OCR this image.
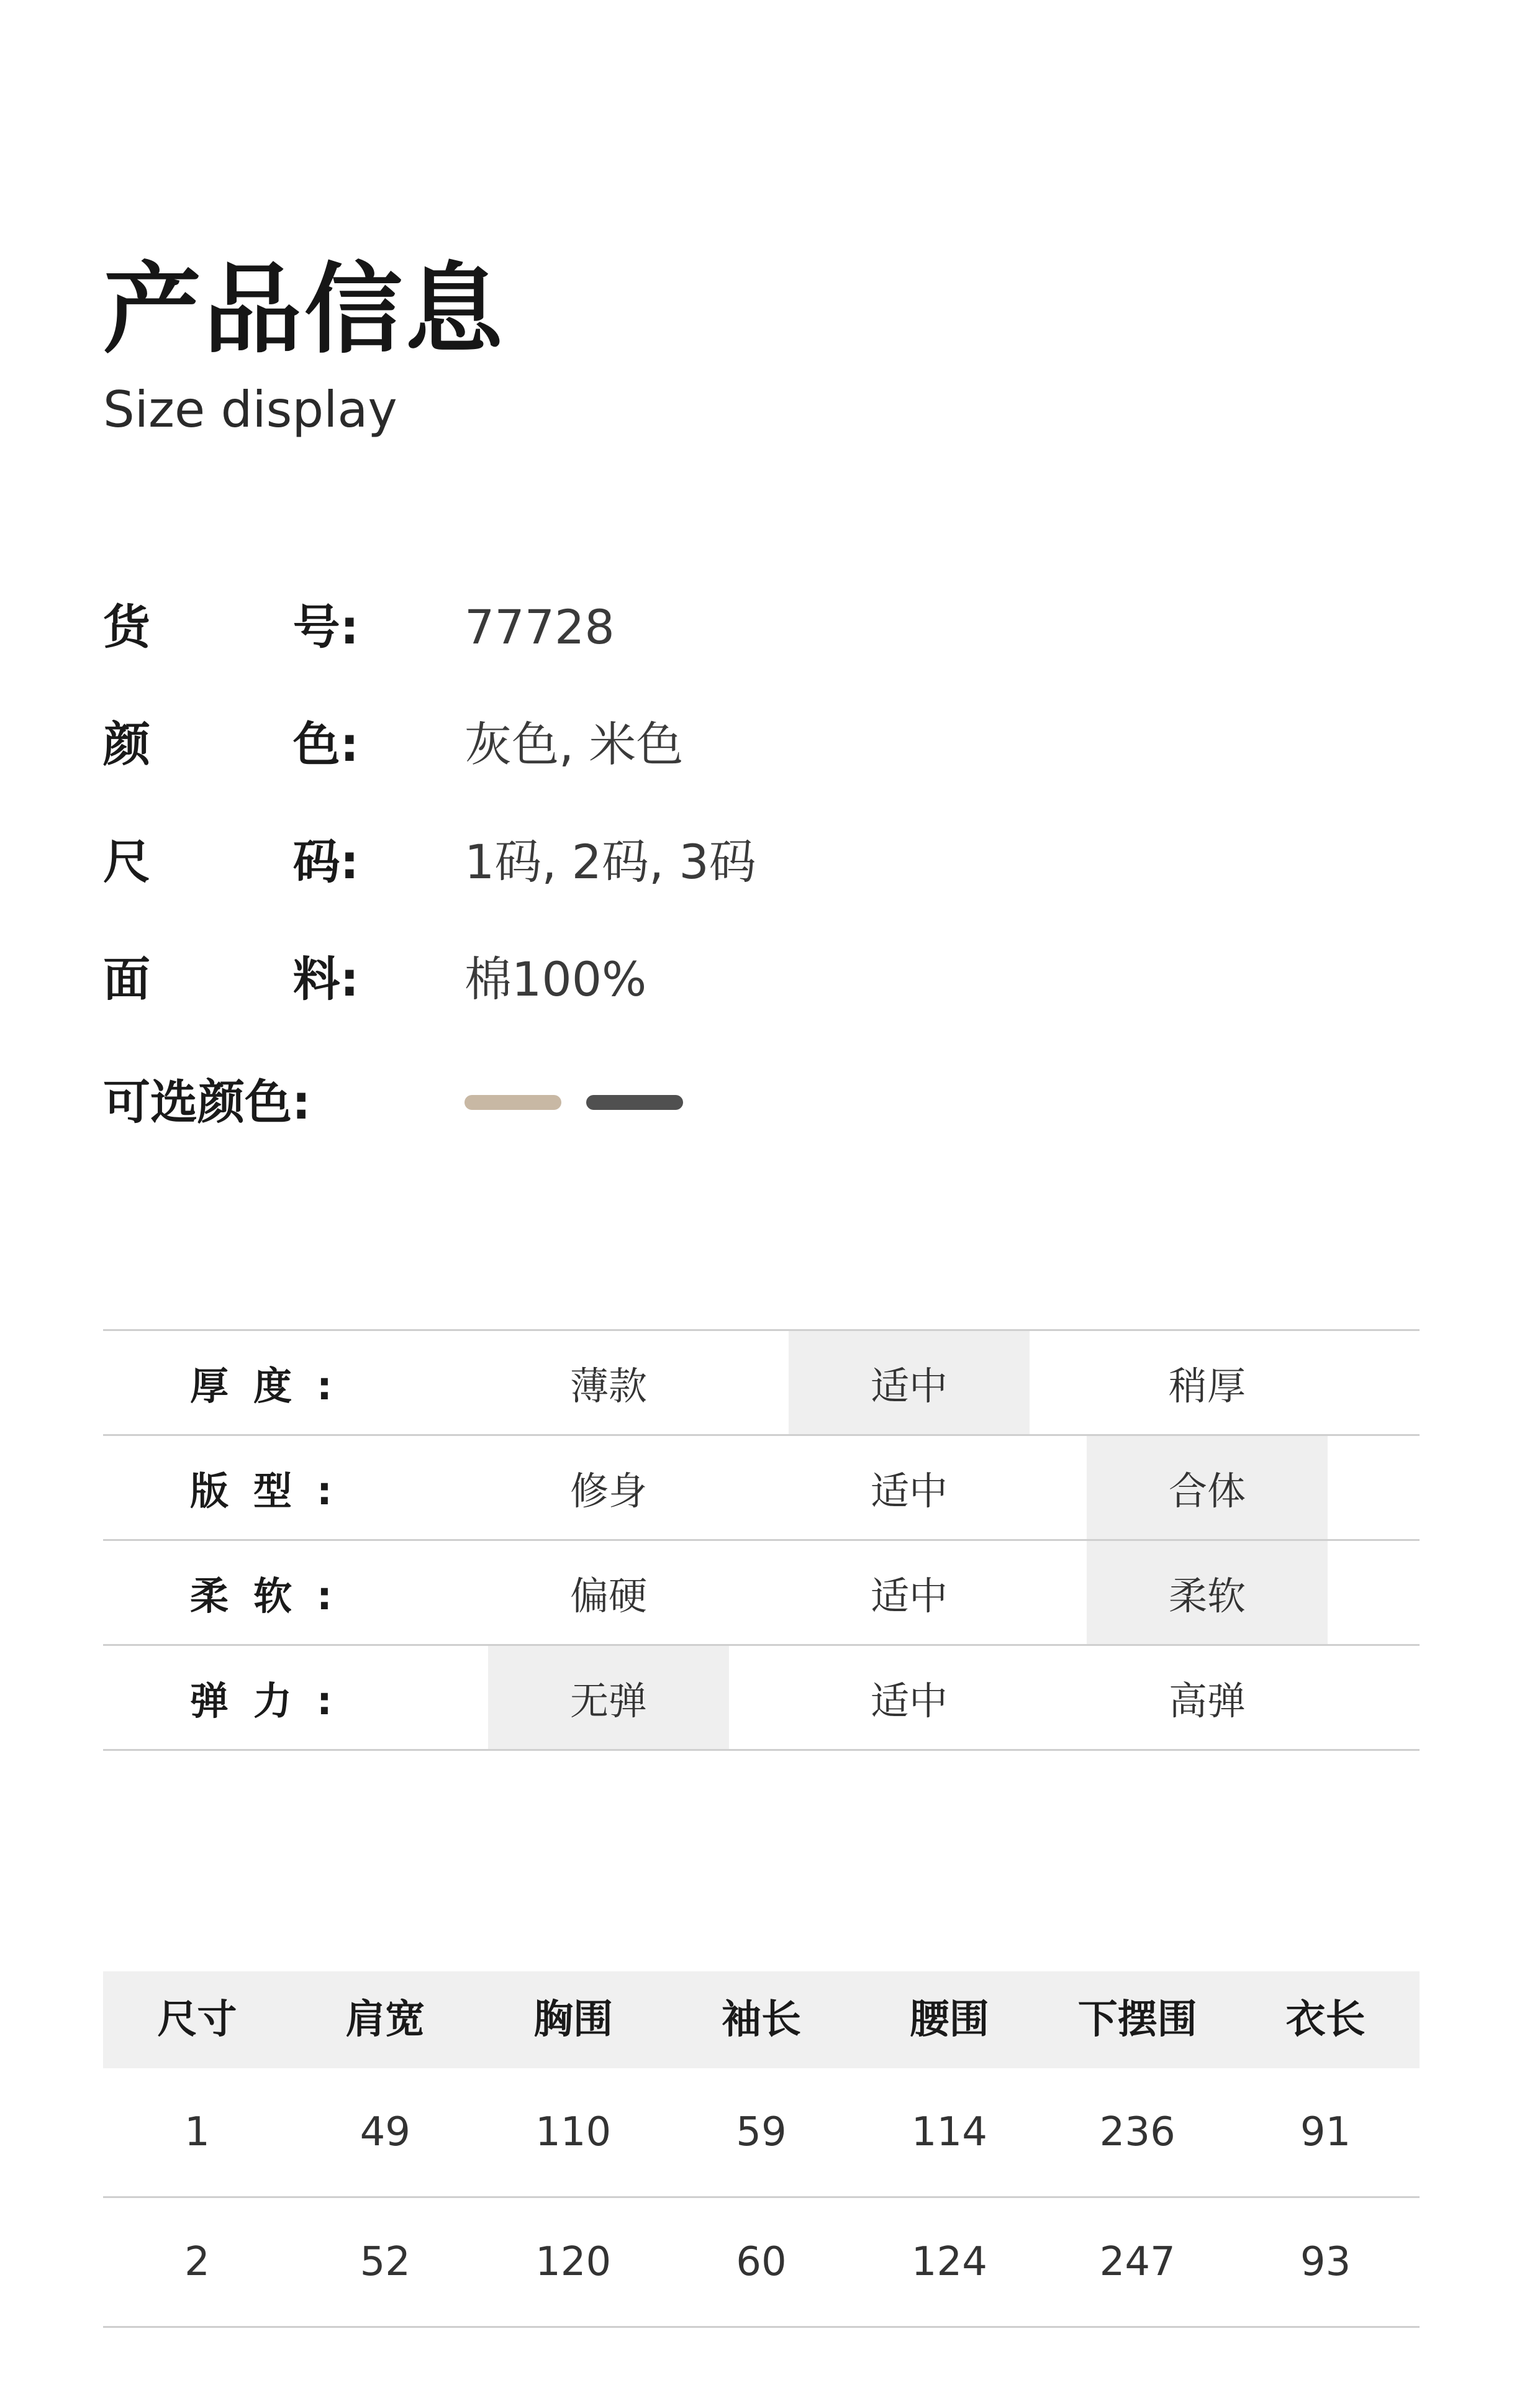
产品信息
Size display
货	号: 77728
颜	色: 灰色, 米色
尺	码: 1码, 2码, 3码
面	料: 棉100%
可选颜色:
厚度:	薄款	适中	稍厚
版型:	修身	适中	合体
柔软:	偏硬	适中	柔软
弹力:	无弹	适中	高弹
尺寸	肩宽	胸围	袖长	腰围	下摆围	衣长
1	49	110	59	114	236	91
2	52	120	60	124	247	93
